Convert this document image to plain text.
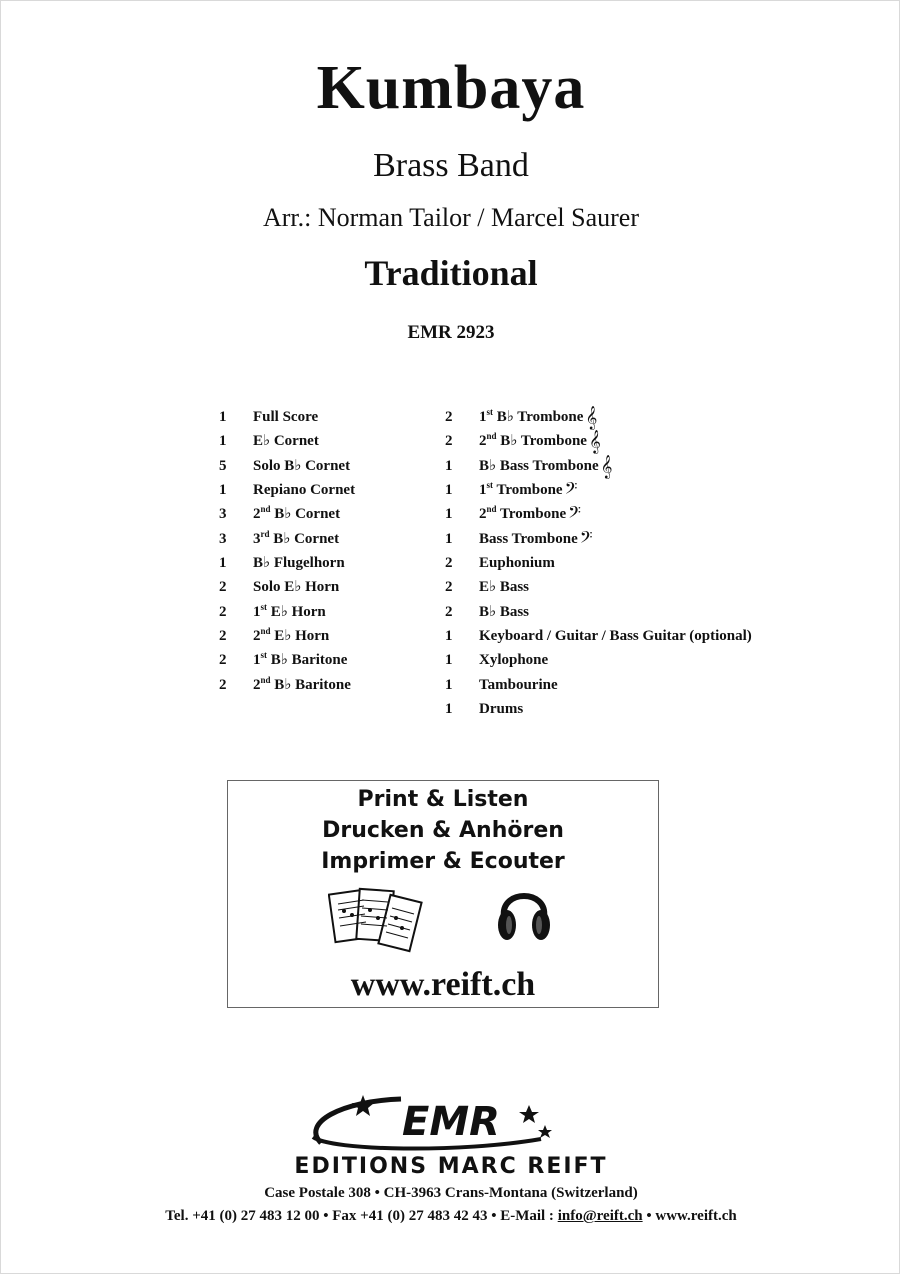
Kumbaya
Brass Band
Arr.: Norman Tailor / Marcel Saurer
Traditional
EMR 2923
1 Full Score
1 E♭ Cornet
5 Solo B♭ Cornet
1 Repiano Cornet
3 2nd B♭ Cornet
3 3rd B♭ Cornet
1 B♭ Flugelhorn
2 Solo E♭ Horn
2 1st E♭ Horn
2 2nd E♭ Horn
2 1st B♭ Baritone
2 2nd B♭ Baritone
2 1st B♭ Trombone 𝄞
2 2nd B♭ Trombone 𝄞
1 B♭ Bass Trombone 𝄞
1 1st Trombone 𝄢
1 2nd Trombone 𝄢
1 Bass Trombone 𝄢
2 Euphonium
2 E♭ Bass
2 B♭ Bass
1 Keyboard / Guitar / Bass Guitar (optional)
1 Xylophone
1 Tambourine
1 Drums
Print & Listen
Drucken & Anhören
Imprimer & Ecouter
www.reift.ch
EMR
EDITIONS MARC REIFT
Case Postale 308 • CH-3963 Crans-Montana (Switzerland)
Tel. +41 (0) 27 483 12 00 • Fax +41 (0) 27 483 42 43 • E-Mail : info@reift.ch • www.reift.ch
